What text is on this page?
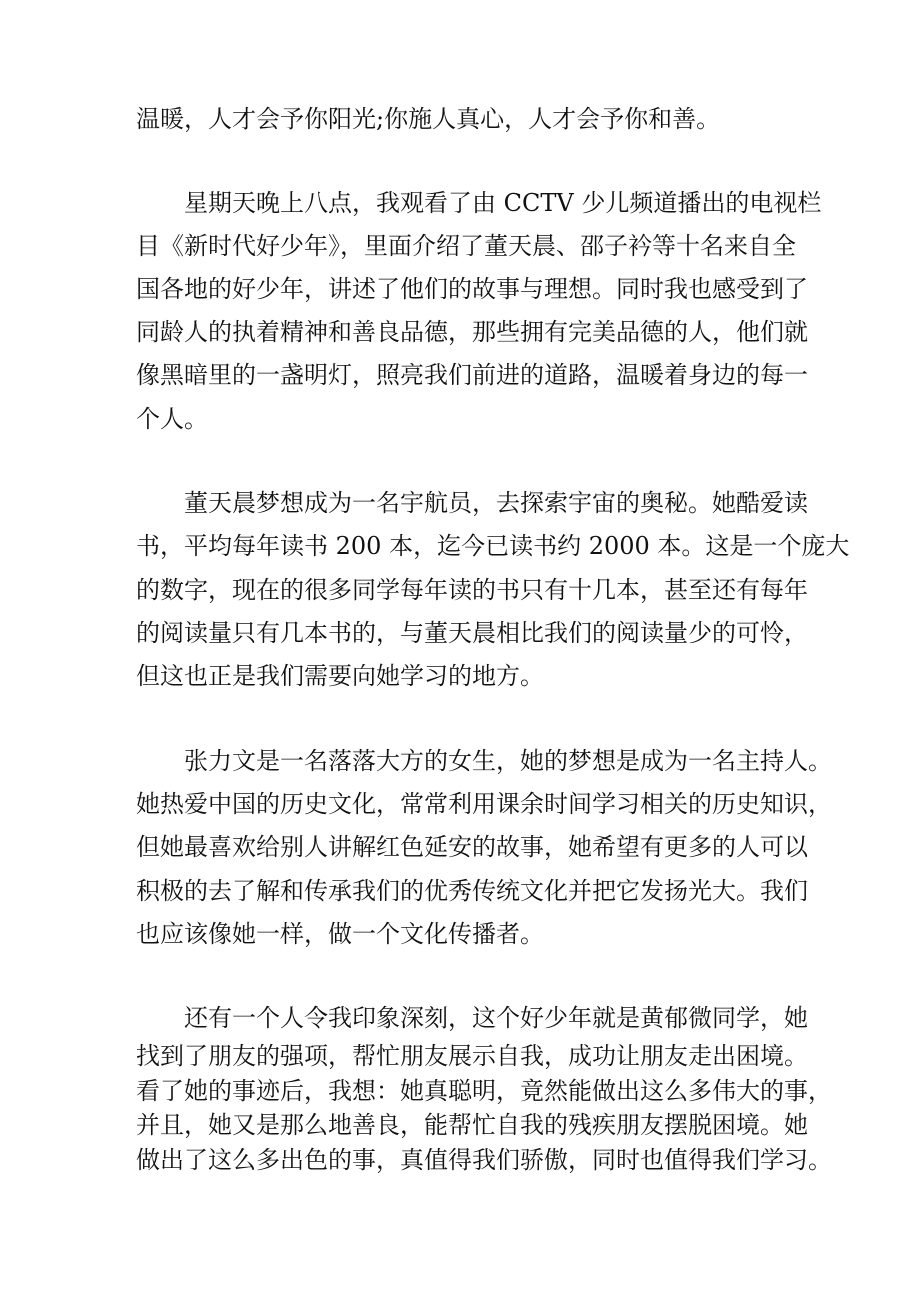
温暖，人才会予你阳光;你施人真心，人才会予你和善。
星期天晚上八点，我观看了由 CCTV 少儿频道播出的电视栏
目《新时代好少年》，里面介绍了董天晨、邵子衿等十名来自全
国各地的好少年，讲述了他们的故事与理想。同时我也感受到了
同龄人的执着精神和善良品德，那些拥有完美品德的人，他们就
像黑暗里的一盏明灯，照亮我们前进的道路，温暖着身边的每一
个人。
董天晨梦想成为一名宇航员，去探索宇宙的奥秘。她酷爱读
书，平均每年读书 200 本，迄今已读书约 2000 本。这是一个庞大
的数字，现在的很多同学每年读的书只有十几本，甚至还有每年
的阅读量只有几本书的，与董天晨相比我们的阅读量少的可怜，
但这也正是我们需要向她学习的地方。
张力文是一名落落大方的女生，她的梦想是成为一名主持人。
她热爱中国的历史文化，常常利用课余时间学习相关的历史知识，
但她最喜欢给别人讲解红色延安的故事，她希望有更多的人可以
积极的去了解和传承我们的优秀传统文化并把它发扬光大。我们
也应该像她一样，做一个文化传播者。
还有一个人令我印象深刻，这个好少年就是黄郁微同学，她
找到了朋友的强项，帮忙朋友展示自我，成功让朋友走出困境。
看了她的事迹后，我想：她真聪明，竟然能做出这么多伟大的事，
并且，她又是那么地善良，能帮忙自我的残疾朋友摆脱困境。她
做出了这么多出色的事，真值得我们骄傲，同时也值得我们学习。
